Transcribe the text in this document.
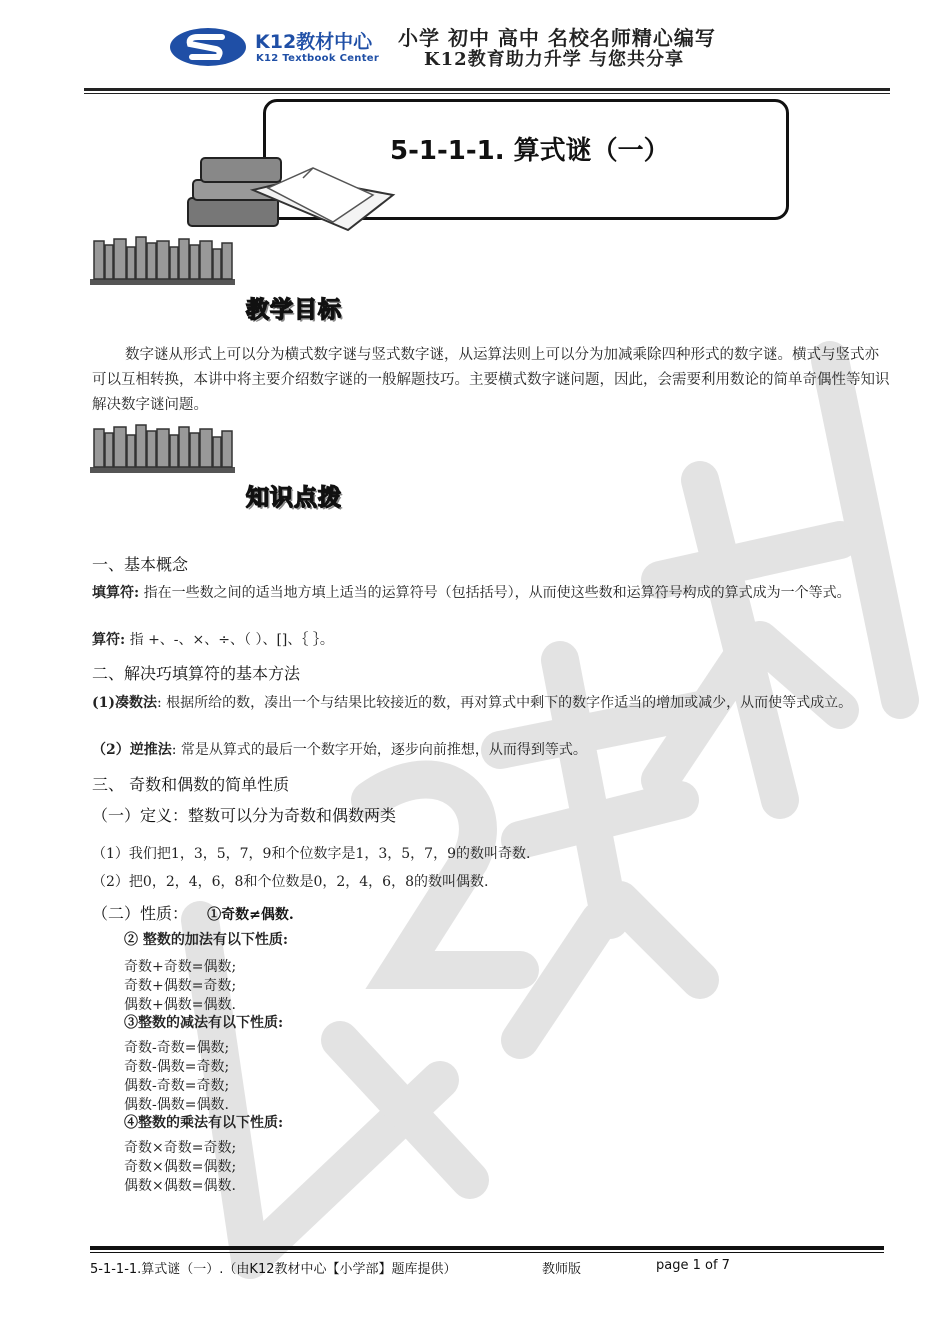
K12教材中心
K12 Textbook Center
小学 初中 高中 名校名师精心编写
K12教育助力升学 与您共分享
5-1-1-1. 算式谜（一）
教学目标
数字谜从形式上可以分为横式数字谜与竖式数字谜，从运算法则上可以分为加减乘除四种形式的数字谜。横式与竖式亦可以互相转换，本讲中将主要介绍数字谜的一般解题技巧。主要横式数字谜问题，因此，会需要利用数论的简单奇偶性等知识解决数字谜问题。
知识点拨
一、基本概念
填算符: 指在一些数之间的适当地方填上适当的运算符号（包括括号），从而使这些数和运算符号构成的算式成为一个等式。
算符: 指 +、-、×、÷、（ ）、[]、｛ ｝。
二、解决巧填算符的基本方法
(1)凑数法: 根据所给的数，凑出一个与结果比较接近的数，再对算式中剩下的数字作适当的增加或减少，从而使等式成立。
（2）逆推法: 常是从算式的最后一个数字开始，逐步向前推想，从而得到等式。
三、 奇数和偶数的简单性质
（一）定义：整数可以分为奇数和偶数两类
（1）我们把1，3，5，7，9和个位数字是1，3，5，7，9的数叫奇数.
（2）把0，2，4，6，8和个位数是0，2，4，6，8的数叫偶数.
（二）性质： ①奇数≠偶数.
② 整数的加法有以下性质:
奇数+奇数=偶数;
奇数+偶数=奇数;
偶数+偶数=偶数.
③整数的减法有以下性质:
奇数-奇数=偶数;
奇数-偶数=奇数;
偶数-奇数=奇数;
偶数-偶数=偶数.
④整数的乘法有以下性质:
奇数×奇数=奇数;
奇数×偶数=偶数;
偶数×偶数=偶数.
5-1-1-1.算式谜（一）.（由K12教材中心【小学部】题库提供）	教师版	page 1 of 7
